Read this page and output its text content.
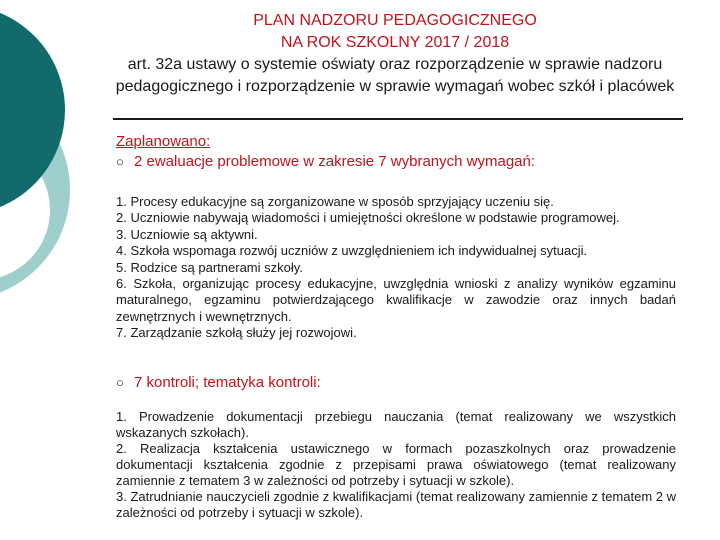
PLAN NADZORU PEDAGOGICZNEGO
NA ROK SZKOLNY 2017 / 2018
art. 32a ustawy o systemie oświaty oraz rozporządzenie w sprawie nadzoru pedagogicznego i rozporządzenie w sprawie wymagań wobec szkół i placówek
Zaplanowano:
○ 2 ewaluacje problemowe w zakresie 7 wybranych wymagań:
1. Procesy edukacyjne są zorganizowane w sposób sprzyjający uczeniu się.
2. Uczniowie nabywają wiadomości i umiejętności określone w podstawie programowej.
3. Uczniowie są aktywni.
4. Szkoła wspomaga rozwój uczniów z uwzględnieniem ich indywidualnej sytuacji.
5. Rodzice są partnerami szkoły.
6. Szkoła, organizując procesy edukacyjne, uwzględnia wnioski z analizy wyników egzaminu maturalnego, egzaminu potwierdzającego kwalifikacje w zawodzie oraz innych badań zewnętrznych i wewnętrznych.
7. Zarządzanie szkołą służy jej rozwojowi.
○ 7 kontroli; tematyka kontroli:
1. Prowadzenie dokumentacji przebiegu nauczania (temat realizowany we wszystkich wskazanych szkołach).
2. Realizacja kształcenia ustawicznego w formach pozaszkolnych oraz prowadzenie dokumentacji kształcenia zgodnie z przepisami prawa oświatowego (temat realizowany zamiennie z tematem 3 w zależności od potrzeby i sytuacji w szkole).
3. Zatrudnianie nauczycieli zgodnie z kwalifikacjami (temat realizowany zamiennie z tematem 2 w zależności od potrzeby i sytuacji w szkole).
